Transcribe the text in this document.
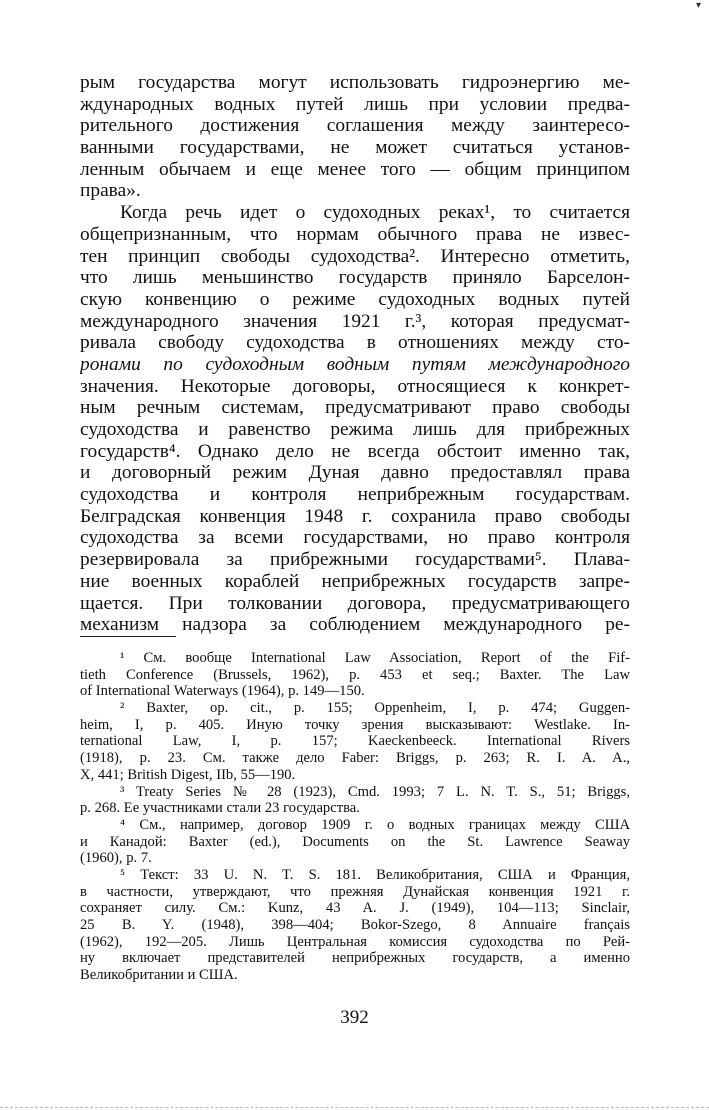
▾
рым государства могут использовать гидроэнергию ме-
ждународных водных путей лишь при условии предва-
рительного достижения соглашения между заинтересо-
ванными государствами, не может считаться установ-
ленным обычаем и еще менее того — общим принципом
права».
Когда речь идет о судоходных реках¹, то считается
общепризнанным, что нормам обычного права не извес-
тен принцип свободы судоходства². Интересно отметить,
что лишь меньшинство государств приняло Барселон-
скую конвенцию о режиме судоходных водных путей
международного значения 1921 г.³, которая предусмат-
ривала свободу судоходства в отношениях между сто-
ронами по судоходным водным путям международного
значения. Некоторые договоры, относящиеся к конкрет-
ным речным системам, предусматривают право свободы
судоходства и равенство режима лишь для прибрежных
государств⁴. Однако дело не всегда обстоит именно так,
и договорный режим Дуная давно предоставлял права
судоходства и контроля неприбрежным государствам.
Белградская конвенция 1948 г. сохранила право свободы
судоходства за всеми государствами, но право контроля
резервировала за прибрежными государствами⁵. Плава-
ние военных кораблей неприбрежных государств запре-
щается. При толковании договора, предусматривающего
механизм надзора за соблюдением международного ре-
¹ См. вообще International Law Association, Report of the Fif-
tieth Conference (Brussels, 1962), p. 453 et seq.; Baxter. The Law
of International Waterways (1964), p. 149—150.
² Baxter, op. cit., p. 155; Oppenheim, I, p. 474; Guggen-
heim, I, p. 405. Иную точку зрения высказывают: Westlake. In-
ternational Law, I, p. 157; Kaeckenbeeck. International Rivers
(1918), p. 23. См. также дело Faber: Briggs, p. 263; R. I. A. A.,
X, 441; British Digest, IIb, 55—190.
³ Treaty Series № 28 (1923), Cmd. 1993; 7 L. N. T. S., 51; Briggs,
p. 268. Ее участниками стали 23 государства.
⁴ См., например, договор 1909 г. о водных границах между США
и Канадой: Baxter (ed.), Documents on the St. Lawrence Seaway
(1960), p. 7.
⁵ Текст: 33 U. N. T. S. 181. Великобритания, США и Франция,
в частности, утверждают, что прежняя Дунайская конвенция 1921 г.
сохраняет силу. См.: Kunz, 43 A. J. (1949), 104—113; Sinclair,
25 B. Y. (1948), 398—404; Bokor-Szego, 8 Annuaire français
(1962), 192—205. Лишь Центральная комиссия судоходства по Рей-
ну включает представителей неприбрежных государств, а именно
Великобритании и США.
392
